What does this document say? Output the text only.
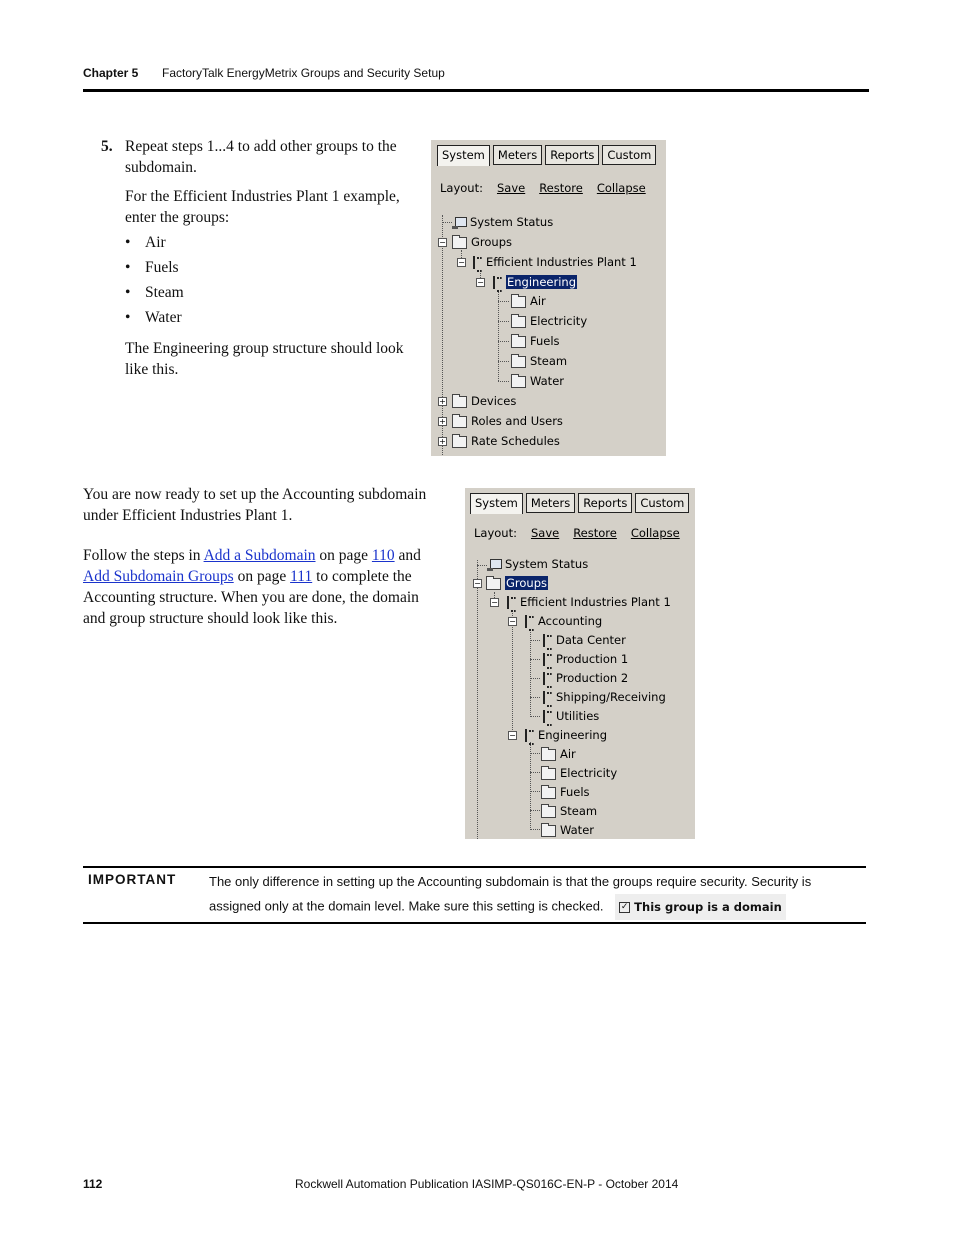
Chapter 5 FactoryTalk EnergyMetrix Groups and Security Setup
5. Repeat steps 1...4 to add other groups to the subdomain.

For the Efficient Industries Plant 1 example, enter the groups:

• Air
• Fuels
• Steam
• Water

The Engineering group structure should look like this.

System	Meters	Reports	Custom
Layout: Save Restore Collapse
System Status
−	Groups
−	Efficient Industries Plant 1
−	Engineering
Air
Electricity
Fuels
Steam
Water
+	Devices
+	Roles and Users
+	Rate Schedules

You are now ready to set up the Accounting subdomain under Efficient Industries Plant 1.

Follow the steps in Add a Subdomain on page 110 and Add Subdomain Groups on page 111 to complete the Accounting structure. When you are done, the domain and group structure should look like this.

System	Meters	Reports	Custom
Layout: Save Restore Collapse
System Status
−	Groups
−	Efficient Industries Plant 1
−	Accounting
Data Center
Production 1
Production 2
Shipping/Receiving
Utilities
−	Engineering
Air
Electricity
Fuels
Steam
Water
IMPORTANT	The only difference in setting up the Accounting subdomain is that the groups require security. Security is assigned only at the domain level. Make sure this setting is checked. ✓ This group is a domain
112	Rockwell Automation Publication IASIMP-QS016C-EN-P - October 2014
